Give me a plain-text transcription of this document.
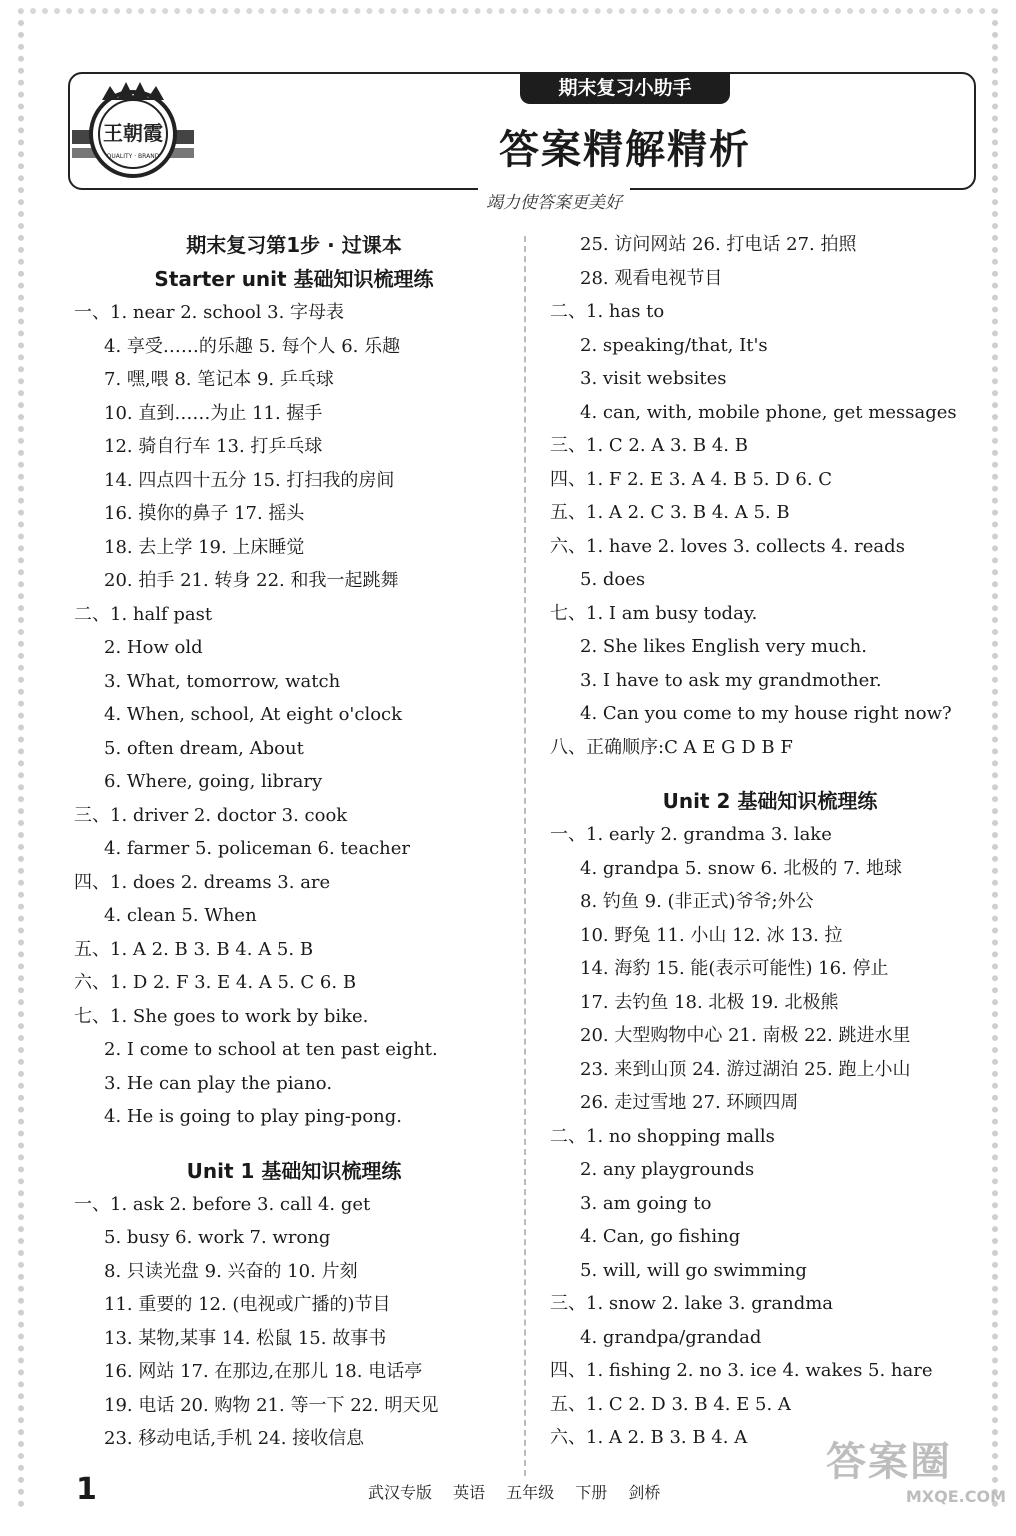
期末复习小助手
答案精解精析
竭力使答案更美好
王朝霞
QUALITY · BRAND
期末复习第1步 · 过课本
Starter unit 基础知识梳理练
一、1. near 2. school 3. 字母表
4. 享受……的乐趣 5. 每个人 6. 乐趣
7. 嘿,喂 8. 笔记本 9. 乒乓球
10. 直到……为止 11. 握手
12. 骑自行车 13. 打乒乓球
14. 四点四十五分 15. 打扫我的房间
16. 摸你的鼻子 17. 摇头
18. 去上学 19. 上床睡觉
20. 拍手 21. 转身 22. 和我一起跳舞
二、1. half past
2. How old
3. What, tomorrow, watch
4. When, school, At eight o'clock
5. often dream, About
6. Where, going, library
三、1. driver 2. doctor 3. cook
4. farmer 5. policeman 6. teacher
四、1. does 2. dreams 3. are
4. clean 5. When
五、1. A 2. B 3. B 4. A 5. B
六、1. D 2. F 3. E 4. A 5. C 6. B
七、1. She goes to work by bike.
2. I come to school at ten past eight.
3. He can play the piano.
4. He is going to play ping-pong.
Unit 1 基础知识梳理练
一、1. ask 2. before 3. call 4. get
5. busy 6. work 7. wrong
8. 只读光盘 9. 兴奋的 10. 片刻
11. 重要的 12. (电视或广播的)节目
13. 某物,某事 14. 松鼠 15. 故事书
16. 网站 17. 在那边,在那儿 18. 电话亭
19. 电话 20. 购物 21. 等一下 22. 明天见
23. 移动电话,手机 24. 接收信息
25. 访问网站 26. 打电话 27. 拍照
28. 观看电视节目
二、1. has to
2. speaking/that, It's
3. visit websites
4. can, with, mobile phone, get messages
三、1. C 2. A 3. B 4. B
四、1. F 2. E 3. A 4. B 5. D 6. C
五、1. A 2. C 3. B 4. A 5. B
六、1. have 2. loves 3. collects 4. reads
5. does
七、1. I am busy today.
2. She likes English very much.
3. I have to ask my grandmother.
4. Can you come to my house right now?
八、正确顺序:C A E G D B F
Unit 2 基础知识梳理练
一、1. early 2. grandma 3. lake
4. grandpa 5. snow 6. 北极的 7. 地球
8. 钓鱼 9. (非正式)爷爷;外公
10. 野兔 11. 小山 12. 冰 13. 拉
14. 海豹 15. 能(表示可能性) 16. 停止
17. 去钓鱼 18. 北极 19. 北极熊
20. 大型购物中心 21. 南极 22. 跳进水里
23. 来到山顶 24. 游过湖泊 25. 跑上小山
26. 走过雪地 27. 环顾四周
二、1. no shopping malls
2. any playgrounds
3. am going to
4. Can, go fishing
5. will, will go swimming
三、1. snow 2. lake 3. grandma
4. grandpa/grandad
四、1. fishing 2. no 3. ice 4. wakes 5. hare
五、1. C 2. D 3. B 4. E 5. A
六、1. A 2. B 3. B 4. A
1	武汉专版 英语 五年级 下册 剑桥
答案圈
MXQE.COM
